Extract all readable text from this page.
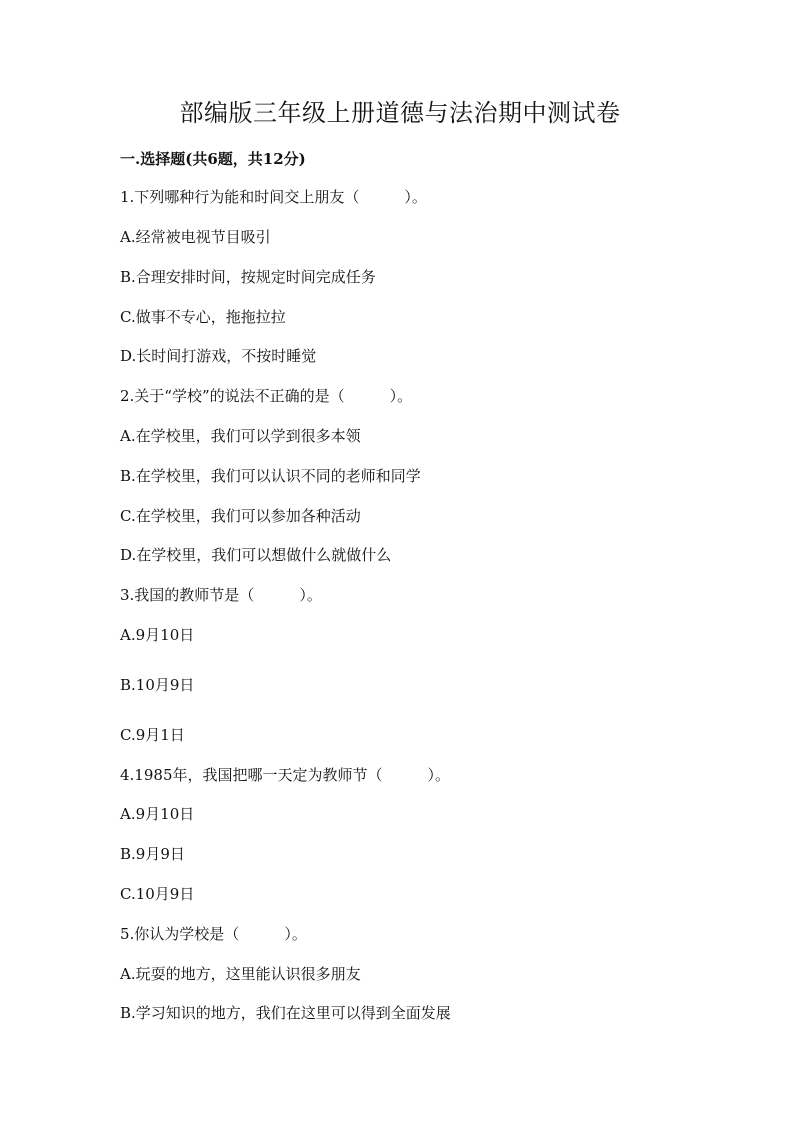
部编版三年级上册道德与法治期中测试卷
一.选择题(共6题，共12分)
1.下列哪种行为能和时间交上朋友（　　　）。
A.经常被电视节目吸引
B.合理安排时间，按规定时间完成任务
C.做事不专心，拖拖拉拉
D.长时间打游戏，不按时睡觉
2.关于“学校”的说法不正确的是（　　　）。
A.在学校里，我们可以学到很多本领
B.在学校里，我们可以认识不同的老师和同学
C.在学校里，我们可以参加各种活动
D.在学校里，我们可以想做什么就做什么
3.我国的教师节是（　　　）。
A.9月10日
B.10月9日
C.9月1日
4.1985年，我国把哪一天定为教师节（　　　）。
A.9月10日
B.9月9日
C.10月9日
5.你认为学校是（　　　）。
A.玩耍的地方，这里能认识很多朋友
B.学习知识的地方，我们在这里可以得到全面发展
